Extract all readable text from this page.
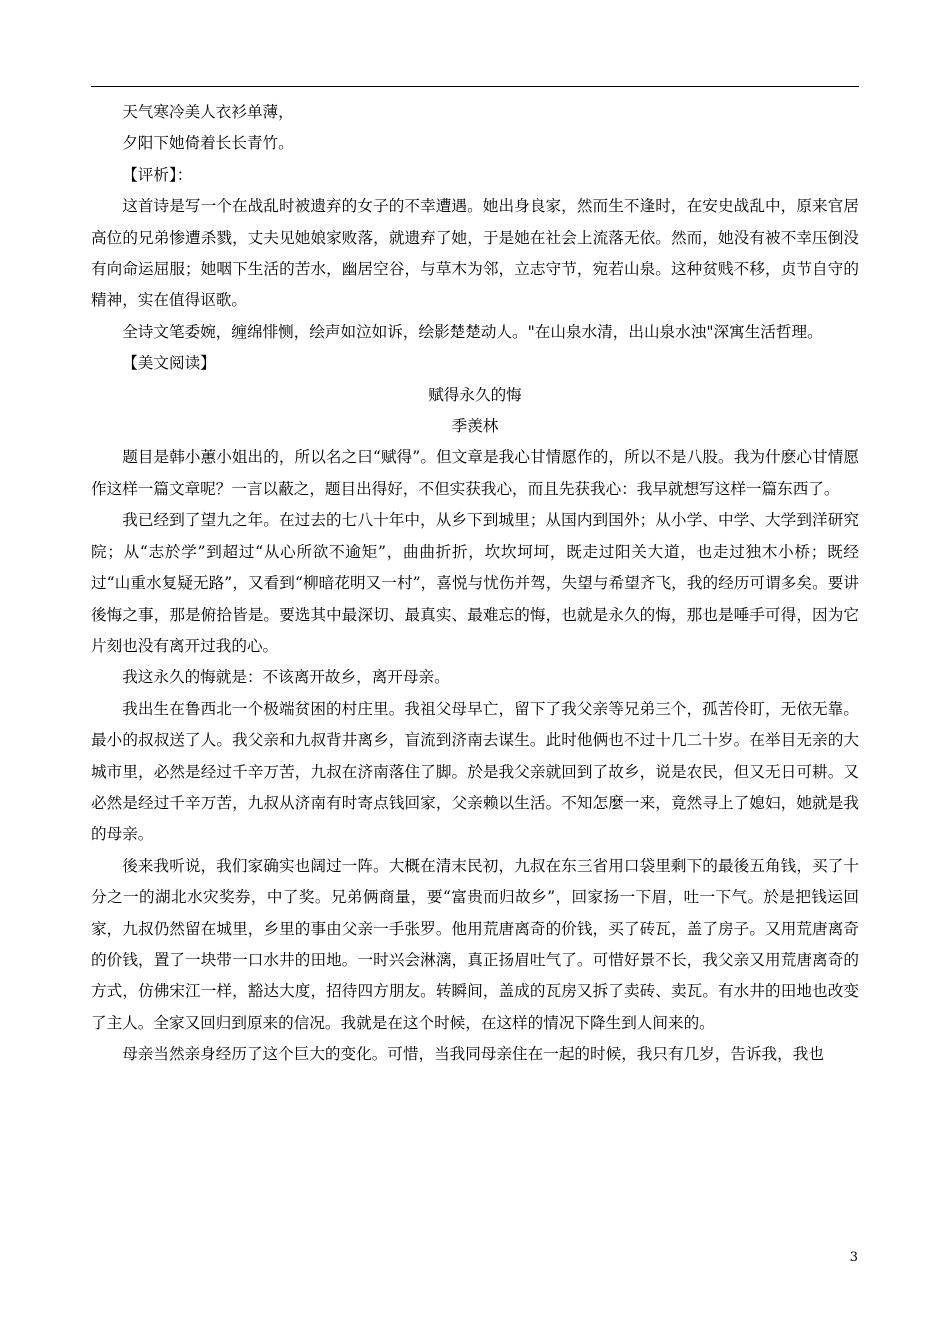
天气寒冷美人衣衫单薄，

夕阳下她倚着长长青竹。

【评析】：

这首诗是写一个在战乱时被遗弃的女子的不幸遭遇。她出身良家，然而生不逢时，在安史战乱中，原来官居高位的兄弟惨遭杀戮，丈夫见她娘家败落，就遗弃了她，于是她在社会上流落无依。然而，她没有被不幸压倒没有向命运屈服；她咽下生活的苦水，幽居空谷，与草木为邻，立志守节，宛若山泉。这种贫贱不移，贞节自守的精神，实在值得讴歌。

全诗文笔委婉，缠绵悱恻，绘声如泣如诉，绘影楚楚动人。"在山泉水清，出山泉水浊"深寓生活哲理。

【美文阅读】

赋得永久的悔

季羡林

题目是韩小蕙小姐出的，所以名之曰“赋得”。但文章是我心甘情愿作的，所以不是八股。我为什麽心甘情愿作这样一篇文章呢？一言以蔽之，题目出得好，不但实获我心，而且先获我心：我早就想写这样一篇东西了。

我已经到了望九之年。在过去的七八十年中，从乡下到城里；从国内到国外；从小学、中学、大学到洋研究院；从“志於学”到超过“从心所欲不逾矩”，曲曲折折，坎坎坷坷，既走过阳关大道，也走过独木小桥；既经过“山重水复疑无路”，又看到“柳暗花明又一村”，喜悦与忧伤并驾，失望与希望齐飞，我的经历可谓多矣。要讲後悔之事，那是俯拾皆是。要选其中最深切、最真实、最难忘的悔，也就是永久的悔，那也是唾手可得，因为它片刻也没有离开过我的心。

我这永久的悔就是：不该离开故乡，离开母亲。

我出生在鲁西北一个极端贫困的村庄里。我祖父母早亡，留下了我父亲等兄弟三个，孤苦伶盯，无依无靠。最小的叔叔送了人。我父亲和九叔背井离乡，盲流到济南去谋生。此时他俩也不过十几二十岁。在举目无亲的大城市里，必然是经过千辛万苦，九叔在济南落住了脚。於是我父亲就回到了故乡，说是农民，但又无日可耕。又必然是经过千辛万苦，九叔从济南有时寄点钱回家，父亲赖以生活。不知怎麼一来，竟然寻上了媳妇，她就是我的母亲。

後来我听说，我们家确实也阔过一阵。大概在清末民初，九叔在东三省用口袋里剩下的最後五角钱，买了十分之一的湖北水灾奖券，中了奖。兄弟俩商量，要“富贵而归故乡”，回家扬一下眉，吐一下气。於是把钱运回家，九叔仍然留在城里，乡里的事由父亲一手张罗。他用荒唐离奇的价钱，买了砖瓦，盖了房子。又用荒唐离奇的价钱，置了一块带一口水井的田地。一时兴会淋漓，真正扬眉吐气了。可惜好景不长，我父亲又用荒唐离奇的方式，仿佛宋江一样，豁达大度，招待四方朋友。转瞬间，盖成的瓦房又拆了卖砖、卖瓦。有水井的田地也改变了主人。全家又回归到原来的信况。我就是在这个时候，在这样的情况下降生到人间来的。

母亲当然亲身经历了这个巨大的变化。可惜，当我同母亲住在一起的时候，我只有几岁，告诉我，我也

3
